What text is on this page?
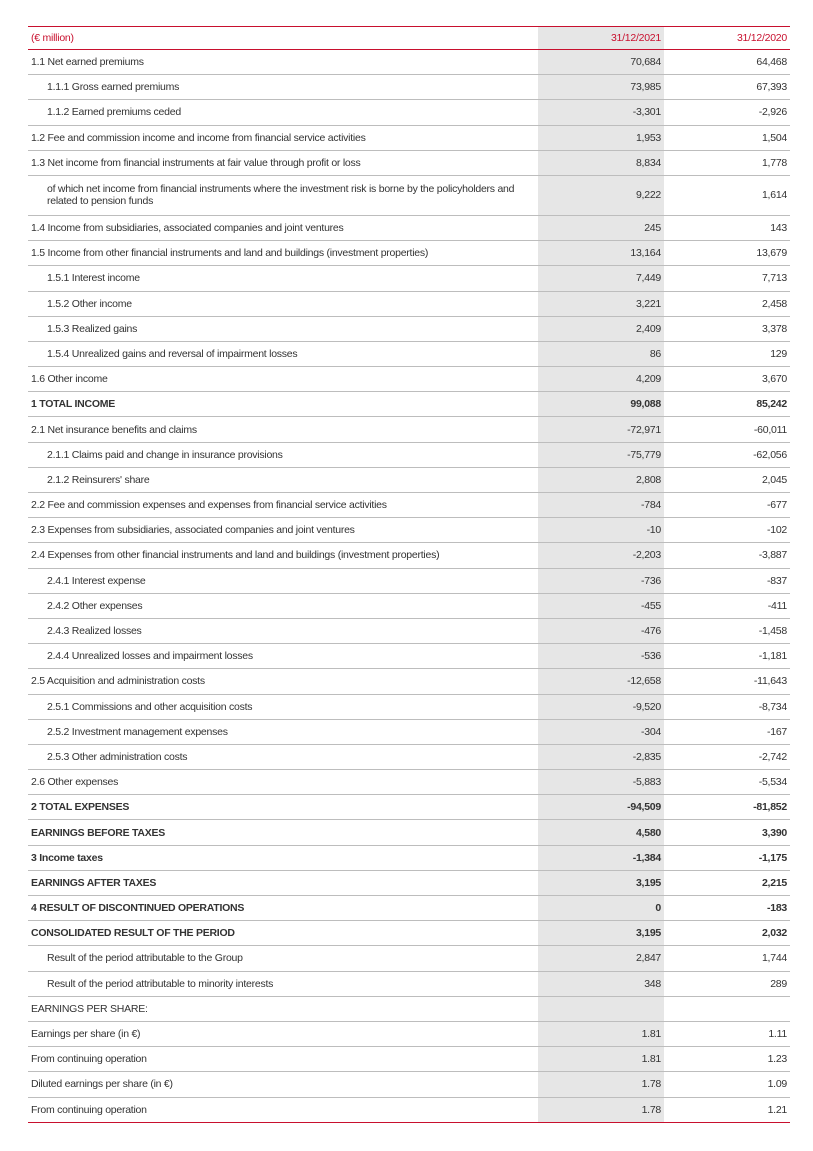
(€ million)	31/12/2021	31/12/2020
1.1 Net earned premiums	70,684	64,468
1.1.1 Gross earned premiums	73,985	67,393
1.1.2 Earned premiums ceded	-3,301	-2,926
1.2 Fee and commission income and income from financial service activities	1,953	1,504
1.3 Net income from financial instruments at fair value through profit or loss	8,834	1,778
of which net income from financial instruments where the investment risk is borne by the policyholders and related to pension funds	9,222	1,614
1.4 Income from subsidiaries, associated companies and joint ventures	245	143
1.5 Income from other financial instruments and land and buildings (investment properties)	13,164	13,679
1.5.1 Interest income	7,449	7,713
1.5.2 Other income	3,221	2,458
1.5.3 Realized gains	2,409	3,378
1.5.4 Unrealized gains and reversal of impairment losses	86	129
1.6 Other income	4,209	3,670
1 TOTAL INCOME	99,088	85,242
2.1 Net insurance benefits and claims	-72,971	-60,011
2.1.1 Claims paid and change in insurance provisions	-75,779	-62,056
2.1.2 Reinsurers' share	2,808	2,045
2.2 Fee and commission expenses and expenses from financial service activities	-784	-677
2.3 Expenses from subsidiaries, associated companies and joint ventures	-10	-102
2.4 Expenses from other financial instruments and land and buildings (investment properties)	-2,203	-3,887
2.4.1 Interest expense	-736	-837
2.4.2 Other expenses	-455	-411
2.4.3 Realized losses	-476	-1,458
2.4.4 Unrealized losses and impairment losses	-536	-1,181
2.5 Acquisition and administration costs	-12,658	-11,643
2.5.1 Commissions and other acquisition costs	-9,520	-8,734
2.5.2 Investment management expenses	-304	-167
2.5.3 Other administration costs	-2,835	-2,742
2.6 Other expenses	-5,883	-5,534
2 TOTAL EXPENSES	-94,509	-81,852
EARNINGS BEFORE TAXES	4,580	3,390
3 Income taxes	-1,384	-1,175
EARNINGS AFTER TAXES	3,195	2,215
4 RESULT OF DISCONTINUED OPERATIONS	0	-183
CONSOLIDATED RESULT OF THE PERIOD	3,195	2,032
Result of the period attributable to the Group	2,847	1,744
Result of the period attributable to minority interests	348	289
EARNINGS PER SHARE:		
Earnings per share (in €)	1.81	1.11
From continuing operation	1.81	1.23
Diluted earnings per share (in €)	1.78	1.09
From continuing operation	1.78	1.21
